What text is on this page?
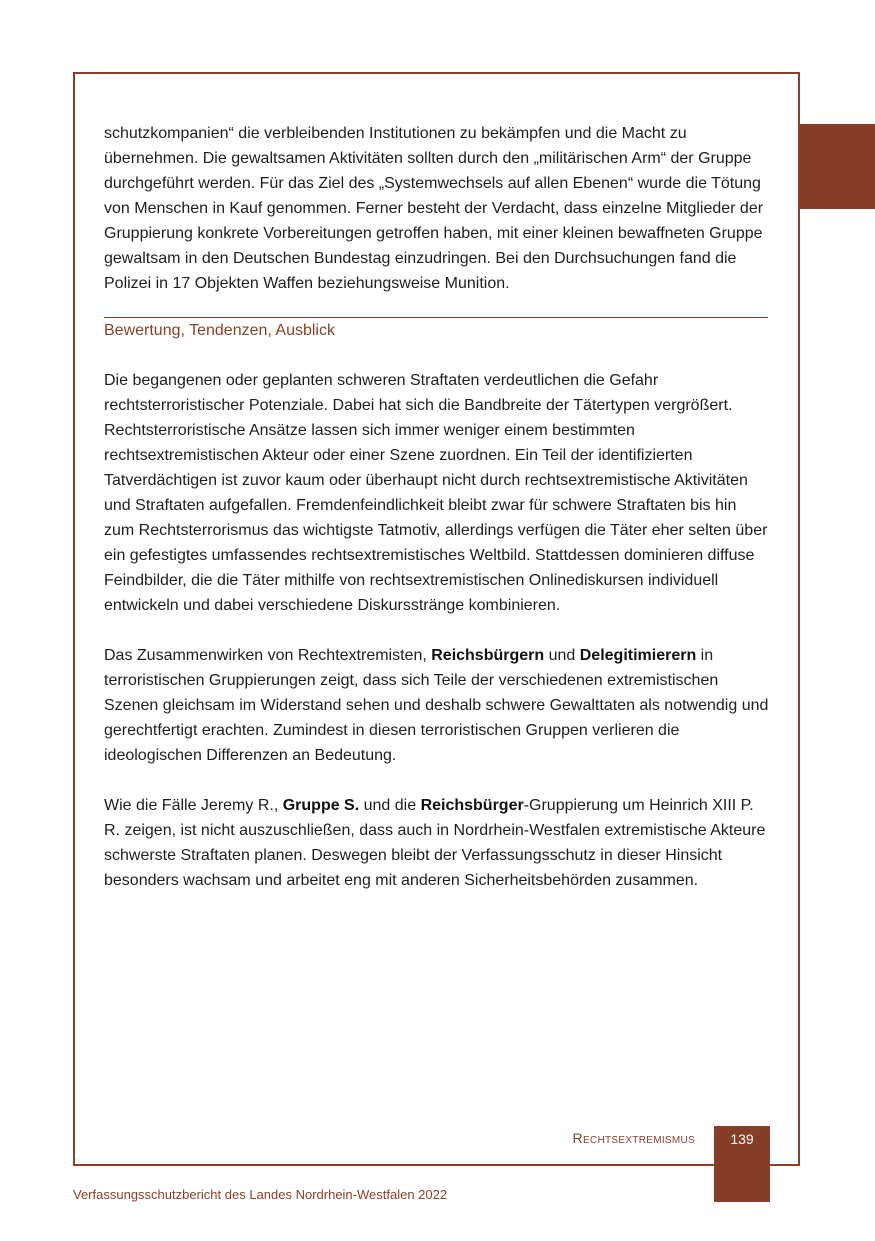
schutzkompanien“ die verbleibenden Institutionen zu bekämpfen und die Macht zu übernehmen. Die gewaltsamen Aktivitäten sollten durch den „militärischen Arm“ der Gruppe durchgeführt werden. Für das Ziel des „Systemwechsels auf allen Ebenen“ wurde die Tötung von Menschen in Kauf genommen. Ferner besteht der Verdacht, dass einzelne Mitglieder der Gruppierung konkrete Vorbereitungen getroffen haben, mit einer kleinen bewaffneten Gruppe gewaltsam in den Deutschen Bundestag einzudringen. Bei den Durchsuchungen fand die Polizei in 17 Objekten Waffen beziehungsweise Munition.

Bewertung, Tendenzen, Ausblick

Die begangenen oder geplanten schweren Straftaten verdeutlichen die Gefahr rechtsterroristischer Potenziale. Dabei hat sich die Bandbreite der Tätertypen vergrößert. Rechtsterroristische Ansätze lassen sich immer weniger einem bestimmten rechtsextremistischen Akteur oder einer Szene zuordnen. Ein Teil der identifizierten Tatverdächtigen ist zuvor kaum oder überhaupt nicht durch rechtsextremistische Aktivitäten und Straftaten aufgefallen. Fremdenfeindlichkeit bleibt zwar für schwere Straftaten bis hin zum Rechtsterrorismus das wichtigste Tatmotiv, allerdings verfügen die Täter eher selten über ein gefestigtes umfassendes rechtsextremistisches Weltbild. Stattdessen dominieren diffuse Feindbilder, die die Täter mithilfe von rechtsextremistischen Onlinediskursen individuell entwickeln und dabei verschiedene Diskursstränge kombinieren.

Das Zusammenwirken von Rechtextremisten, Reichsbürgern und Delegitimierern in terroristischen Gruppierungen zeigt, dass sich Teile der verschiedenen extremistischen Szenen gleichsam im Widerstand sehen und deshalb schwere Gewalttaten als notwendig und gerechtfertigt erachten. Zumindest in diesen terroristischen Gruppen verlieren die ideologischen Differenzen an Bedeutung.

Wie die Fälle Jeremy R., Gruppe S. und die Reichsbürger-Gruppierung um Heinrich XIII P. R. zeigen, ist nicht auszuschließen, dass auch in Nordrhein-Westfalen extremistische Akteure schwerste Straftaten planen. Deswegen bleibt der Verfassungsschutz in dieser Hinsicht besonders wachsam und arbeitet eng mit anderen Sicherheitsbehörden zusammen.

Rechtsextremismus	139
Verfassungsschutzbericht des Landes Nordrhein-Westfalen 2022
